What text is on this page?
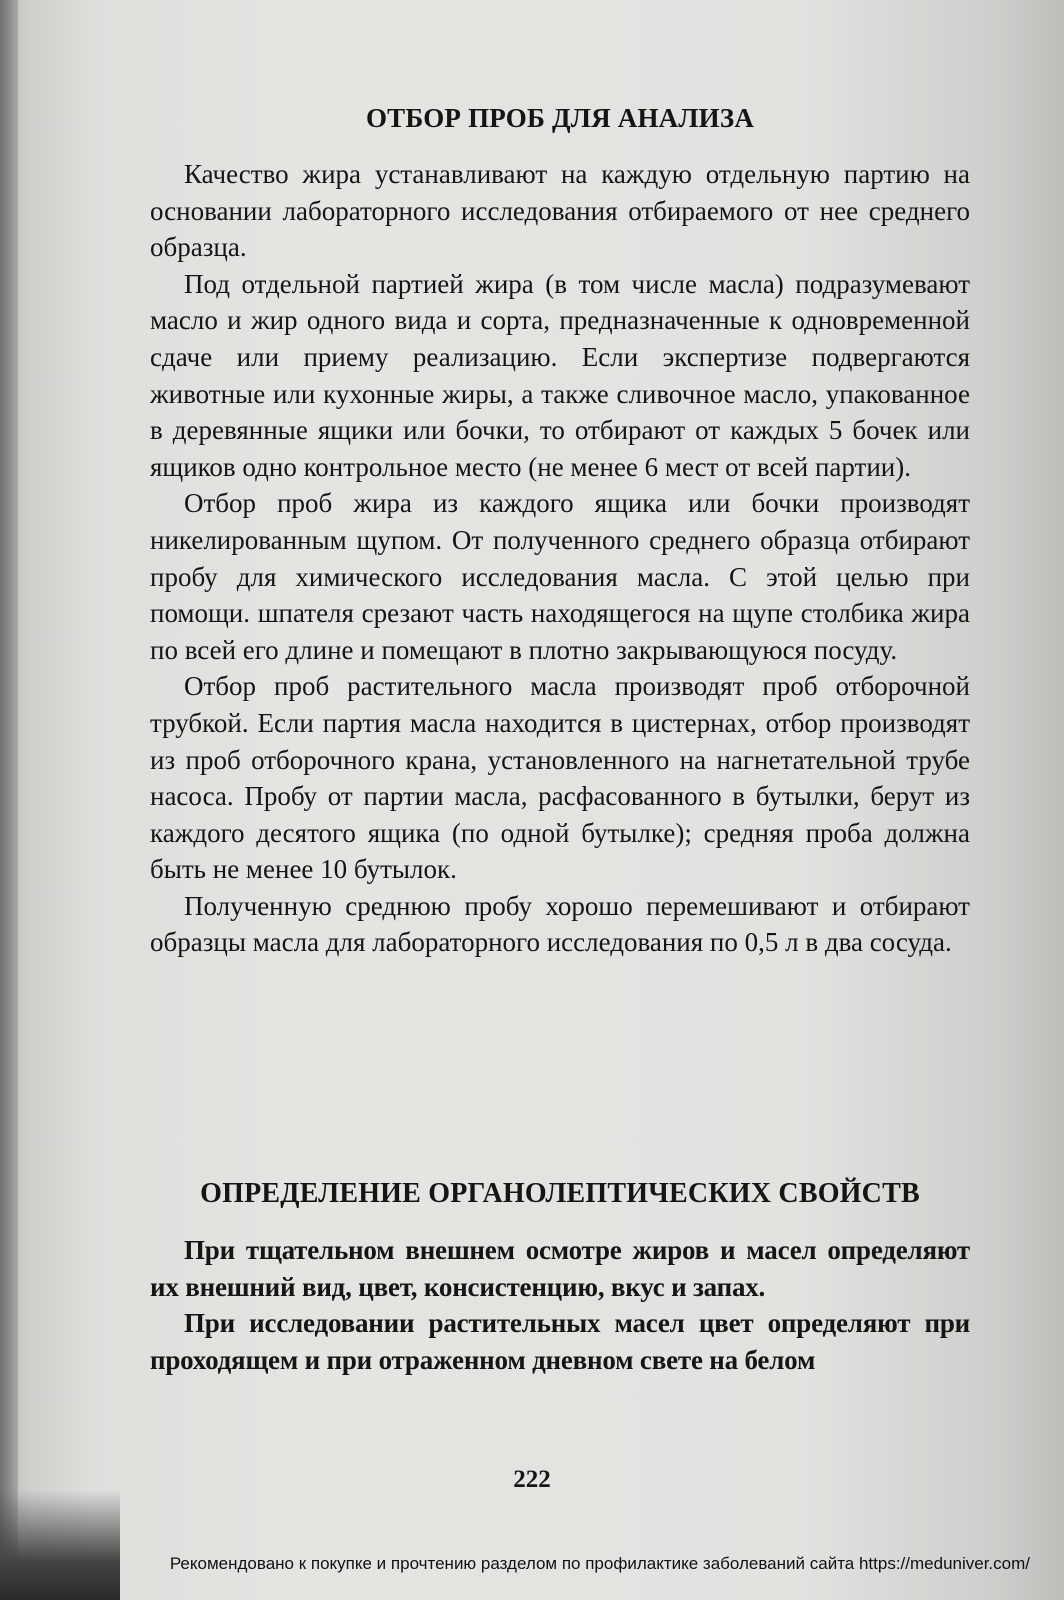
ОТБОР ПРОБ ДЛЯ АНАЛИЗА

Качество жира устанавливают на каждую отдельную партию на основании лабораторного исследования отбираемого от нее среднего образца.

Под отдельной партией жира (в том числе масла) подразумевают масло и жир одного вида и сорта, предназначенные к одновременной сдаче или приему реализацию. Если экспертизе подвергаются животные или кухонные жиры, а также сливочное масло, упакованное в деревянные ящики или бочки, то отбирают от каждых 5 бочек или ящиков одно контрольное место (не менее 6 мест от всей партии).

Отбор проб жира из каждого ящика или бочки производят никелированным щупом. От полученного среднего образца отбирают пробу для химического исследования масла. С этой целью при помощи. шпателя срезают часть находящегося на щупе столбика жира по всей его длине и помещают в плотно закрывающуюся посуду.

Отбор проб растительного масла производят проб отборочной трубкой. Если партия масла находится в цистернах, отбор производят из проб отборочного крана, установленного на нагнетательной трубе насоса. Пробу от партии масла, расфасованного в бутылки, берут из каждого десятого ящика (по одной бутылке); средняя проба должна быть не менее 10 бутылок.

Полученную среднюю пробу хорошо перемешивают и отбирают образцы масла для лабораторного исследования по 0,5 л в два сосуда.

ОПРЕДЕЛЕНИЕ ОРГАНОЛЕПТИЧЕСКИХ СВОЙСТВ

При тщательном внешнем осмотре жиров и масел определяют их внешний вид, цвет, консистенцию, вкус и запах.

При исследовании растительных масел цвет определяют при проходящем и при отраженном дневном свете на белом

222
Рекомендовано к покупке и прочтению разделом по профилактике заболеваний сайта https://meduniver.com/
